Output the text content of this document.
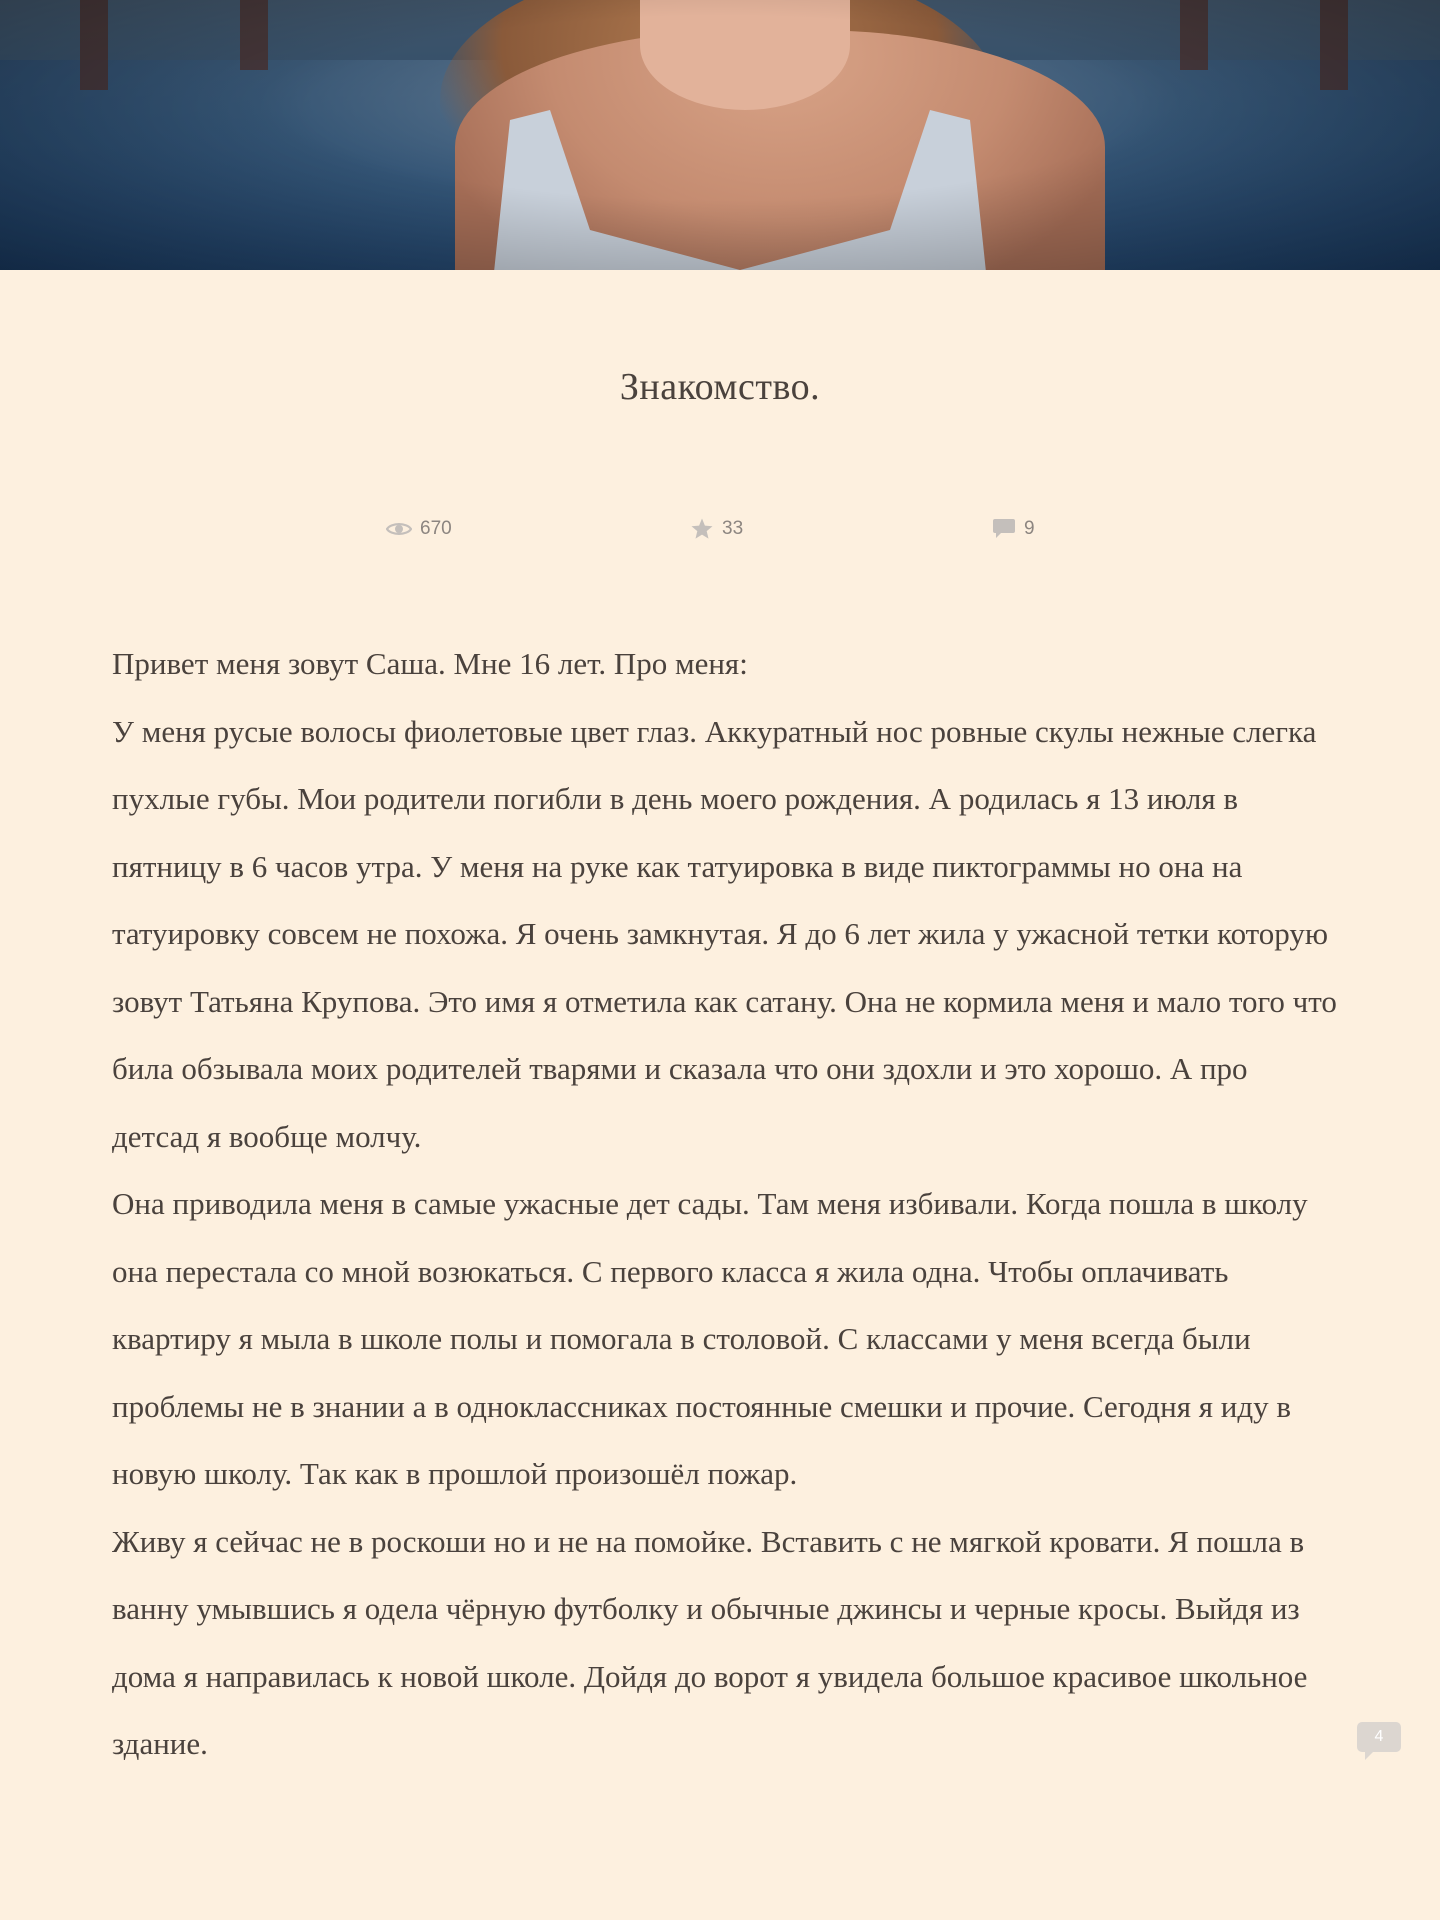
Знакомство.
670	33	9

Привет меня зовут Саша. Мне 16 лет. Про меня:

У меня русые волосы фиолетовые цвет глаз. Аккуратный нос ровные скулы нежные слегка пухлые губы. Мои родители погибли в день моего рождения. А родилась я 13 июля в пятницу в 6 часов утра. У меня на руке как татуировка в виде пиктограммы но она на татуировку совсем не похожа. Я очень замкнутая. Я до 6 лет жила у ужасной тетки которую зовут Татьяна Крупова. Это имя я отметила как сатану. Она не кормила меня и мало того что била обзывала моих родителей тварями и сказала что они здохли и это хорошо. А про детсад я вообще молчу.

Она приводила меня в самые ужасные дет сады. Там меня избивали. Когда пошла в школу она перестала со мной возюкаться. С первого класса я жила одна. Чтобы оплачивать квартиру я мыла в школе полы и помогала в столовой. С классами у меня всегда были проблемы не в знании а в одноклассниках постоянные смешки и прочие. Сегодня я иду в новую школу. Так как в прошлой произошёл пожар.

Живу я сейчас не в роскоши но и не на помойке. Вставить с не мягкой кровати. Я пошла в ванну умывшись я одела чёрную футболку и обычные джинсы и черные кросы. Выйдя из дома я направилась к новой школе. Дойдя до ворот я увидела большое красивое школьное здание.	4
